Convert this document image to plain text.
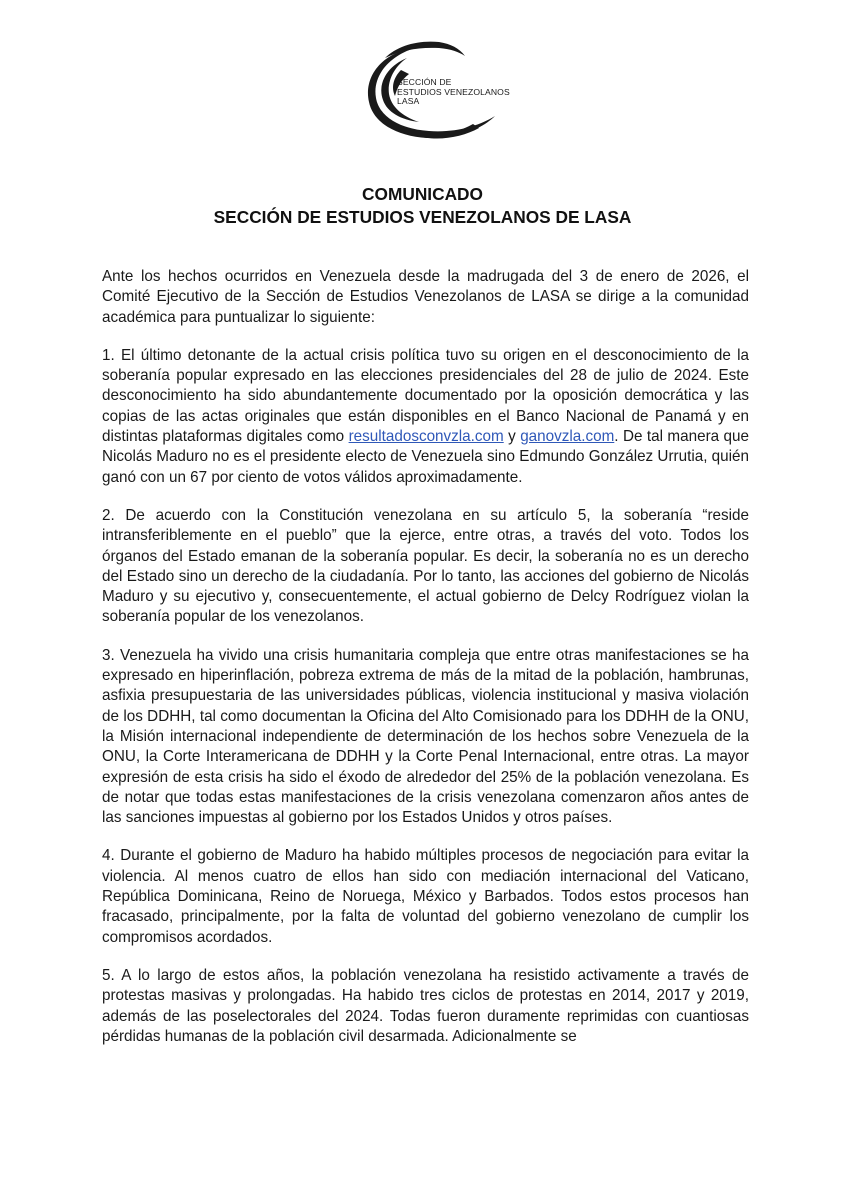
SECCIÓN DE
ESTUDIOS VENEZOLANOS
LASA
COMUNICADO
SECCIÓN DE ESTUDIOS VENEZOLANOS DE LASA

Ante los hechos ocurridos en Venezuela desde la madrugada del 3 de enero de 2026, el Comité Ejecutivo de la Sección de Estudios Venezolanos de LASA se dirige a la comunidad académica para puntualizar lo siguiente:

1. El último detonante de la actual crisis política tuvo su origen en el desconocimiento de la soberanía popular expresado en las elecciones presidenciales del 28 de julio de 2024. Este desconocimiento ha sido abundantemente documentado por la oposición democrática y las copias de las actas originales que están disponibles en el Banco Nacional de Panamá y en distintas plataformas digitales como resultadosconvzla.com y ganovzla.com. De tal manera que Nicolás Maduro no es el presidente electo de Venezuela sino Edmundo González Urrutia, quién ganó con un 67 por ciento de votos válidos aproximadamente.

2. De acuerdo con la Constitución venezolana en su artículo 5, la soberanía “reside intransferiblemente en el pueblo” que la ejerce, entre otras, a través del voto. Todos los órganos del Estado emanan de la soberanía popular. Es decir, la soberanía no es un derecho del Estado sino un derecho de la ciudadanía. Por lo tanto, las acciones del gobierno de Nicolás Maduro y su ejecutivo y, consecuentemente, el actual gobierno de Delcy Rodríguez violan la soberanía popular de los venezolanos.

3. Venezuela ha vivido una crisis humanitaria compleja que entre otras manifestaciones se ha expresado en hiperinflación, pobreza extrema de más de la mitad de la población, hambrunas, asfixia presupuestaria de las universidades públicas, violencia institucional y masiva violación de los DDHH, tal como documentan la Oficina del Alto Comisionado para los DDHH de la ONU, la Misión internacional independiente de determinación de los hechos sobre Venezuela de la ONU, la Corte Interamericana de DDHH y la Corte Penal Internacional, entre otras. La mayor expresión de esta crisis ha sido el éxodo de alrededor del 25% de la población venezolana. Es de notar que todas estas manifestaciones de la crisis venezolana comenzaron años antes de las sanciones impuestas al gobierno por los Estados Unidos y otros países.

4. Durante el gobierno de Maduro ha habido múltiples procesos de negociación para evitar la violencia. Al menos cuatro de ellos han sido con mediación internacional del Vaticano, República Dominicana, Reino de Noruega, México y Barbados. Todos estos procesos han fracasado, principalmente, por la falta de voluntad del gobierno venezolano de cumplir los compromisos acordados.

5. A lo largo de estos años, la población venezolana ha resistido activamente a través de protestas masivas y prolongadas. Ha habido tres ciclos de protestas en 2014, 2017 y 2019, además de las poselectorales del 2024. Todas fueron duramente reprimidas con cuantiosas pérdidas humanas de la población civil desarmada. Adicionalmente se
